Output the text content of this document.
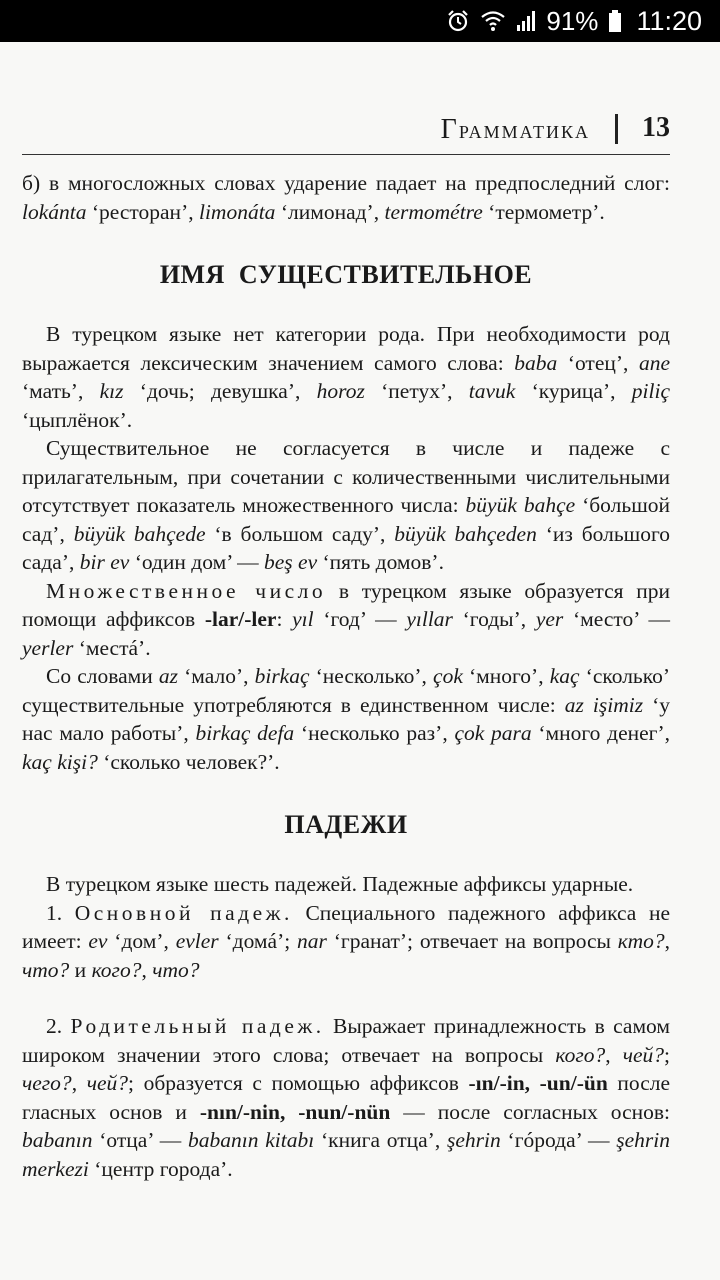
91% 11:20
Грамматика 13

б) в многосложных словах ударение падает на предпоследний слог: lokánta ‘ресторан’, limonáta ‘лимонад’, termométre ‘термометр’.

ИМЯ  СУЩЕСТВИТЕЛЬНОЕ

В турецком языке нет категории рода. При необходимости род выражается лексическим значением самого слова: baba ‘отец’, ane ‘мать’, kız ‘дочь; девушка’, horoz ‘петух’, tavuk ‘курица’, piliç ‘цыплёнок’.

Существительное не согласуется в числе и падеже с прилагательным, при сочетании с количественными числительными отсутствует показатель множественного числа: büyük bahçe ‘большой сад’, büyük bahçede ‘в большом саду’, büyük bahçeden ‘из большого сада’, bir ev ‘один дом’ — beş ev ‘пять домов’.

Множественное число в турецком языке образуется при помощи аффиксов -lar/-ler: yıl ‘год’ — yıllar ‘годы’, yer ‘место’ — yerler ‘местá’.

Со словами az ‘мало’, birkaç ‘несколько’, çok ‘много’, kaç ‘сколько’ существительные употребляются в единственном числе: az işimiz ‘у нас мало работы’, birkaç defa ‘несколько раз’, çok para ‘много денег’, kaç kişi? ‘сколько человек?’.

ПАДЕЖИ

В турецком языке шесть падежей. Падежные аффиксы ударные.

1. Основной падеж. Специального падежного аффикса не имеет: ev ‘дом’, evler ‘домá’; nar ‘гранат’; отвечает на вопросы кто?, что? и кого?, что?

2. Родительный падеж. Выражает принадлежность в самом широком значении этого слова; отвечает на вопросы кого?, чей?; чего?, чей?; образуется с помощью аффиксов -ın/-in, -un/-ün после гласных основ и -nın/-nin, -nun/-nün — после согласных основ: babanın ‘отца’ — babanın kitabı ‘книга отца’, şehrin ‘гóрода’ — şehrin merkezi ‘центр города’.
